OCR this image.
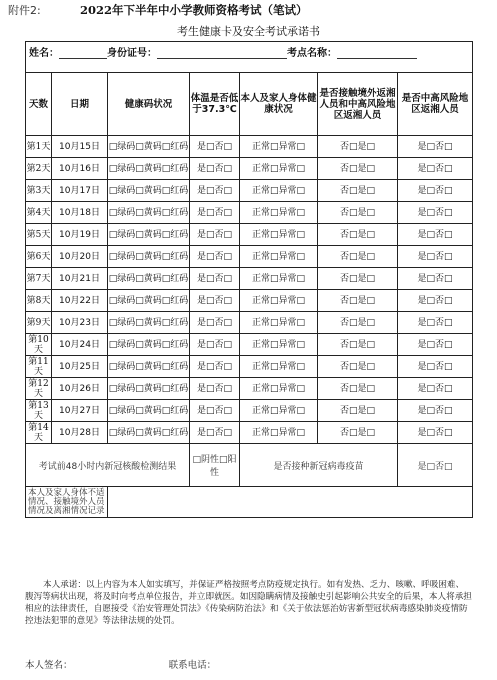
附件2:	2022年下半年中小学教师资格考试（笔试）
考生健康卡及安全考试承诺书
姓名： 身份证号： 考点名称：						
天数	日期	健康码状况	体温是否低于37.3℃	本人及家人身体健康状况	是否接触境外返湘人员和中高风险地区返湘人员	是否中高风险地区返湘人员
第1天	10月15日	□绿码□黄码□红码	是□否□	正常□异常□	否□是□	是□否□
第2天	10月16日	□绿码□黄码□红码	是□否□	正常□异常□	否□是□	是□否□
第3天	10月17日	□绿码□黄码□红码	是□否□	正常□异常□	否□是□	是□否□
第4天	10月18日	□绿码□黄码□红码	是□否□	正常□异常□	否□是□	是□否□
第5天	10月19日	□绿码□黄码□红码	是□否□	正常□异常□	否□是□	是□否□
第6天	10月20日	□绿码□黄码□红码	是□否□	正常□异常□	否□是□	是□否□
第7天	10月21日	□绿码□黄码□红码	是□否□	正常□异常□	否□是□	是□否□
第8天	10月22日	□绿码□黄码□红码	是□否□	正常□异常□	否□是□	是□否□
第9天	10月23日	□绿码□黄码□红码	是□否□	正常□异常□	否□是□	是□否□
第10天	10月24日	□绿码□黄码□红码	是□否□	正常□异常□	否□是□	是□否□
第11天	10月25日	□绿码□黄码□红码	是□否□	正常□异常□	否□是□	是□否□
第12天	10月26日	□绿码□黄码□红码	是□否□	正常□异常□	否□是□	是□否□
第13天	10月27日	□绿码□黄码□红码	是□否□	正常□异常□	否□是□	是□否□
第14天	10月28日	□绿码□黄码□红码	是□否□	正常□异常□	否□是□	是□否□
考试前48小时内新冠核酸检测结果			□阴性□阳性	是否接种新冠病毒疫苗		是□否□
本人及家人身体不适情况、接触境外人员情况及离湘情况记录						
本人承诺：以上内容为本人如实填写，并保证严格按照考点防疫规定执行。如有发热、乏力、咳嗽、呼吸困难、腹泻等病状出现，将及时向考点单位报告，并立即就医。如因隐瞒病情及接触史引起影响公共安全的后果，本人将承担相应的法律责任，自愿接受《治安管理处罚法》《传染病防治法》和《关于依法惩治妨害新型冠状病毒感染肺炎疫情防控违法犯罪的意见》等法律法规的处罚。
本人签名：	联系电话：
